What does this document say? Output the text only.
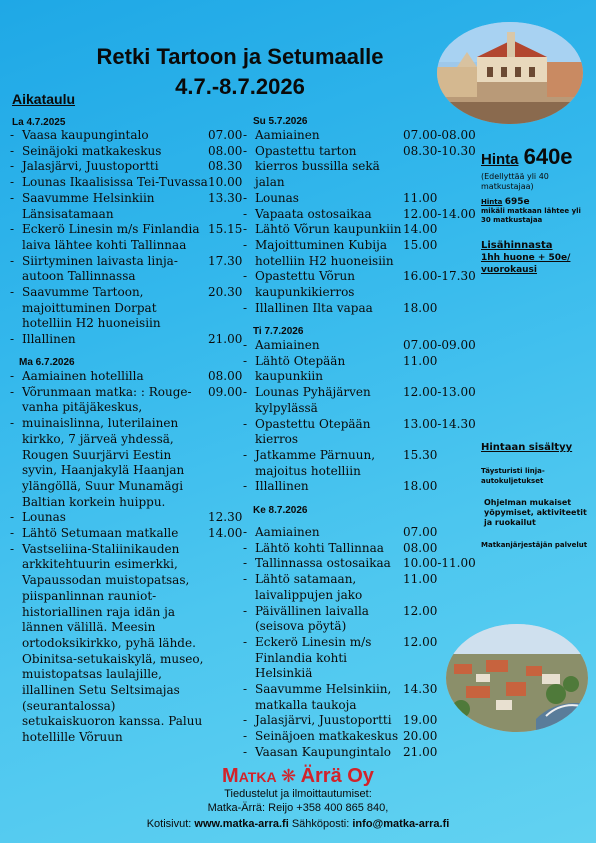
Retki Tartoon ja Setumaalle
4.7.-8.7.2026
Aikataulu
La 4.7.2025
- Vaasa kaupungintalo	07.00
- Seinäjoki matkakeskus	08.00
- Jalasjärvi, Juustoportti	08.30
- Lounas Ikaalisissa Tei-Tuvassa 10.00
- Saavumme Helsinkiin Länsisatamaan
13.30
- Eckerö Linesin m/s Finlandia laiva lähtee kohti Tallinnaa
15.15
- Siirtyminen laivasta linja-autoon Tallinnassa
17.30
- Saavumme Tartoon, majoittuminen Dorpat hotelliin H2 huoneisiin
20.30
- Illallinen	21.00
Ma 6.7.2026
- Aamiainen hotellilla	08.00
- Võrunmaan matka: : Rouge-vanha pitäjäkeskus,
09.00
- muinaislinna, luterilainen kirkko, 7 järveä yhdessä, Rougen Suurjärvi Eestin syvin, Haanjakylä Haanjan ylängöllä, Suur Munamägi Baltian korkein huippu.
- Lounas	12.30
- Lähtö Setumaan matkalle	14.00
- Vastseliina-Staliinikauden arkkitehtuurin esimerkki, Vapaussodan muistopatsas, piispanlinnan rauniot- historiallinen raja idän ja lännen välillä. Meesin ortodoksikirkko, pyhä lähde. Obinitsa-setukaiskylä, museo, muistopatsas laulajille, illallinen Setu Seltsimajas (seurantalossa) setukaiskuoron kanssa. Paluu hotellille Võruun
Su 5.7.2026
- Aamiainen	07.00-08.00
- Opastettu tarton kierros bussilla sekä jalan
08.30-10.30
- Lounas	11.00
- Vapaata ostosaikaa	12.00-14.00
- Lähtö Võrun kaupunkiin 14.00
- Majoittuminen Kubija hotelliin H2 huoneisiin
15.00
- Opastettu Võrun kaupunkikierros
16.00-17.30
- Illallinen Ilta vapaa	18.00
Ti 7.7.2026
- Aamiainen	07.00-09.00
- Lähtö Otepään kaupunkiin
11.00
- Lounas Pyhäjärven kylpylässä
12.00-13.00
- Opastettu Otepään kierros
13.00-14.30
- Jatkamme Pärnuun, majoitus hotelliin
15.30
- Illallinen	18.00
Ke 8.7.2026
- Aamiainen	07.00
- Lähtö kohti Tallinnaa	08.00
- Tallinnassa ostosaikaa	10.00-11.00
- Lähtö satamaan, laivalippujen jako
11.00
- Päivällinen laivalla (seisova pöytä)
12.00
- Eckerö Linesin m/s Finlandia kohti Helsinkiä
12.00
- Saavumme Helsinkiin, matkalla taukoja
14.30
- Jalasjärvi, Juustoportti 19.00
- Seinäjoen matkakeskus 20.00
- Vaasan Kaupungintalo 21.00
Hinta 640e
(Edellyttää yli 40 matkustajaa)
Hinta 695e
mikäli matkaan lähtee yli 30 matkustajaa
Lisähinnasta
1hh huone + 50e/ vuorokausi
Hintaan sisältyy
Täysturisti linja-autokuljetukset
Ohjelman mukaiset yöpymiset, aktiviteetit ja ruokailut
Matkanjärjestäjän palvelut
Matka ❋ Ärrä Oy
Tiedustelut ja ilmoittautumiset:
Matka-Ärrä: Reijo +358 400 865 840,
Kotisivut: www.matka-arra.fi Sähköposti: info@matka-arra.fi
